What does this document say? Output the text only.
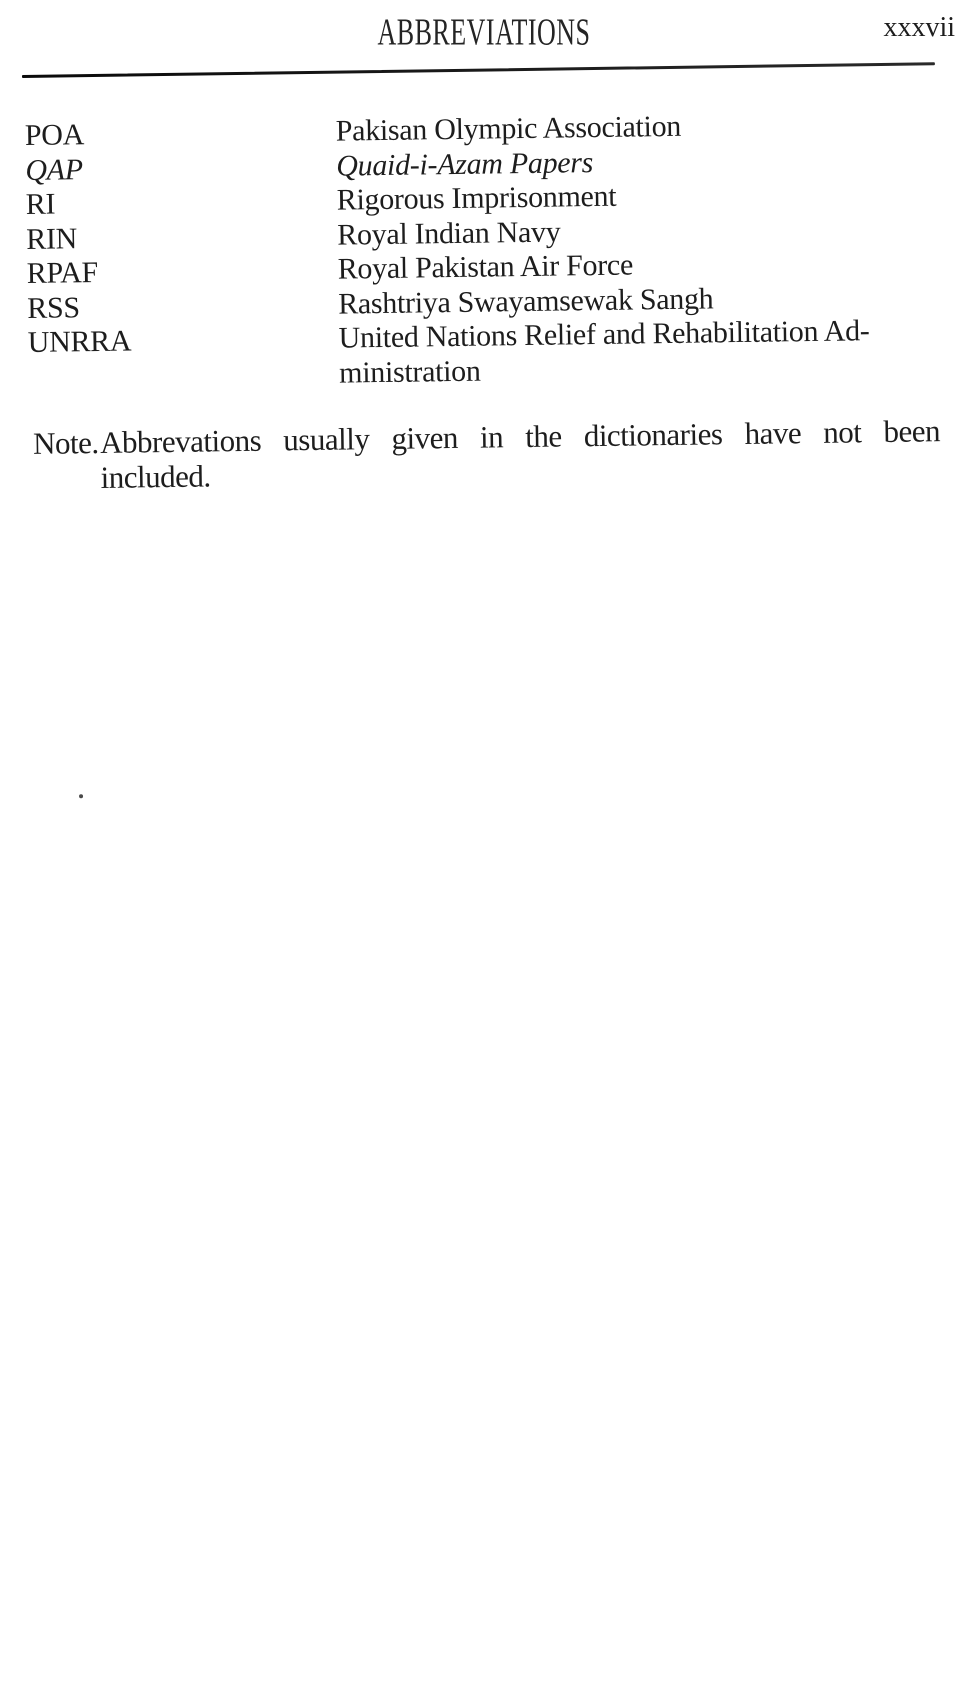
ABBREVIATIONS	xxxvii
POA	Pakisan Olympic Association
QAP	Quaid-i-Azam Papers
RI	Rigorous Imprisonment
RIN	Royal Indian Navy
RPAF	Royal Pakistan Air Force
RSS	Rashtriya Swayamsewak Sangh
UNRRA	United Nations Relief and Rehabilitation Ad-
ministration
Note. Abbrevations usually given in the dictionaries have not been
included.
